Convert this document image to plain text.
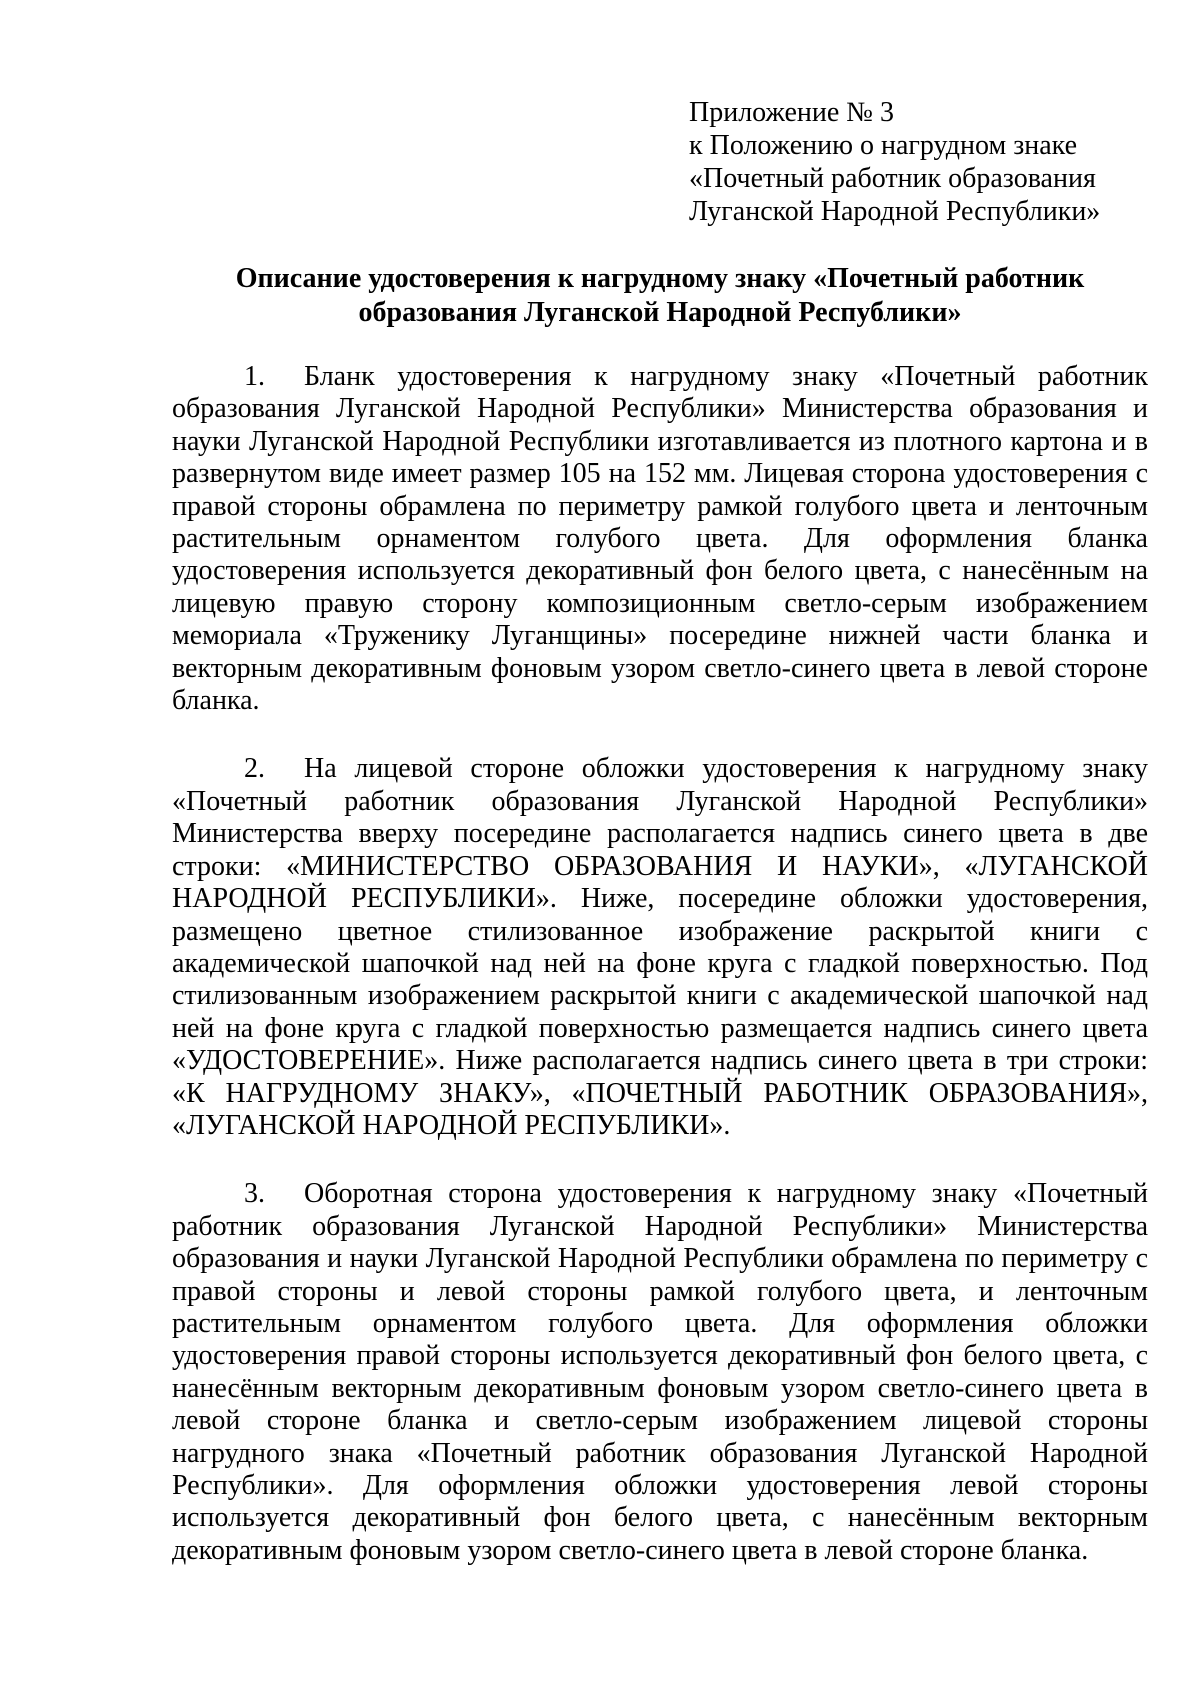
Приложение № 3
к Положению о нагрудном знаке
«Почетный работник образования
Луганской Народной Республики»
Описание удостоверения к нагрудному знаку «Почетный работник
образования Луганской Народной Республики»

1. Бланк удостоверения к нагрудному знаку «Почетный работник образования Луганской Народной Республики» Министерства образования и науки Луганской Народной Республики изготавливается из плотного картона и в развернутом виде имеет размер 105 на 152 мм. Лицевая сторона удостоверения с правой стороны обрамлена по периметру рамкой голубого цвета и ленточным растительным орнаментом голубого цвета. Для оформления бланка удостоверения используется декоративный фон белого цвета, с нанесённым на лицевую правую сторону композиционным светло-серым изображением мемориала «Труженику Луганщины» посередине нижней части бланка и векторным декоративным фоновым узором светло-синего цвета в левой стороне бланка.

2. На лицевой стороне обложки удостоверения к нагрудному знаку «Почетный работник образования Луганской Народной Республики» Министерства вверху посередине располагается надпись синего цвета в две строки: «МИНИСТЕРСТВО ОБРАЗОВАНИЯ И НАУКИ», «ЛУГАНСКОЙ НАРОДНОЙ РЕСПУБЛИКИ». Ниже, посередине обложки удостоверения, размещено цветное стилизованное изображение раскрытой книги с академической шапочкой над ней на фоне круга с гладкой поверхностью. Под стилизованным изображением раскрытой книги с академической шапочкой над ней на фоне круга с гладкой поверхностью размещается надпись синего цвета «УДОСТОВЕРЕНИЕ». Ниже располагается надпись синего цвета в три строки: «К НАГРУДНОМУ ЗНАКУ», «ПОЧЕТНЫЙ РАБОТНИК ОБРАЗОВАНИЯ», «ЛУГАНСКОЙ НАРОДНОЙ РЕСПУБЛИКИ».

3. Оборотная сторона удостоверения к нагрудному знаку «Почетный работник образования Луганской Народной Республики» Министерства образования и науки Луганской Народной Республики обрамлена по периметру с правой стороны и левой стороны рамкой голубого цвета, и ленточным растительным орнаментом голубого цвета. Для оформления обложки удостоверения правой стороны используется декоративный фон белого цвета, с нанесённым векторным декоративным фоновым узором светло-синего цвета в левой стороне бланка и светло-серым изображением лицевой стороны нагрудного знака «Почетный работник образования Луганской Народной Республики». Для оформления обложки удостоверения левой стороны используется декоративный фон белого цвета, с нанесённым векторным декоративным фоновым узором светло-синего цвета в левой стороне бланка.
